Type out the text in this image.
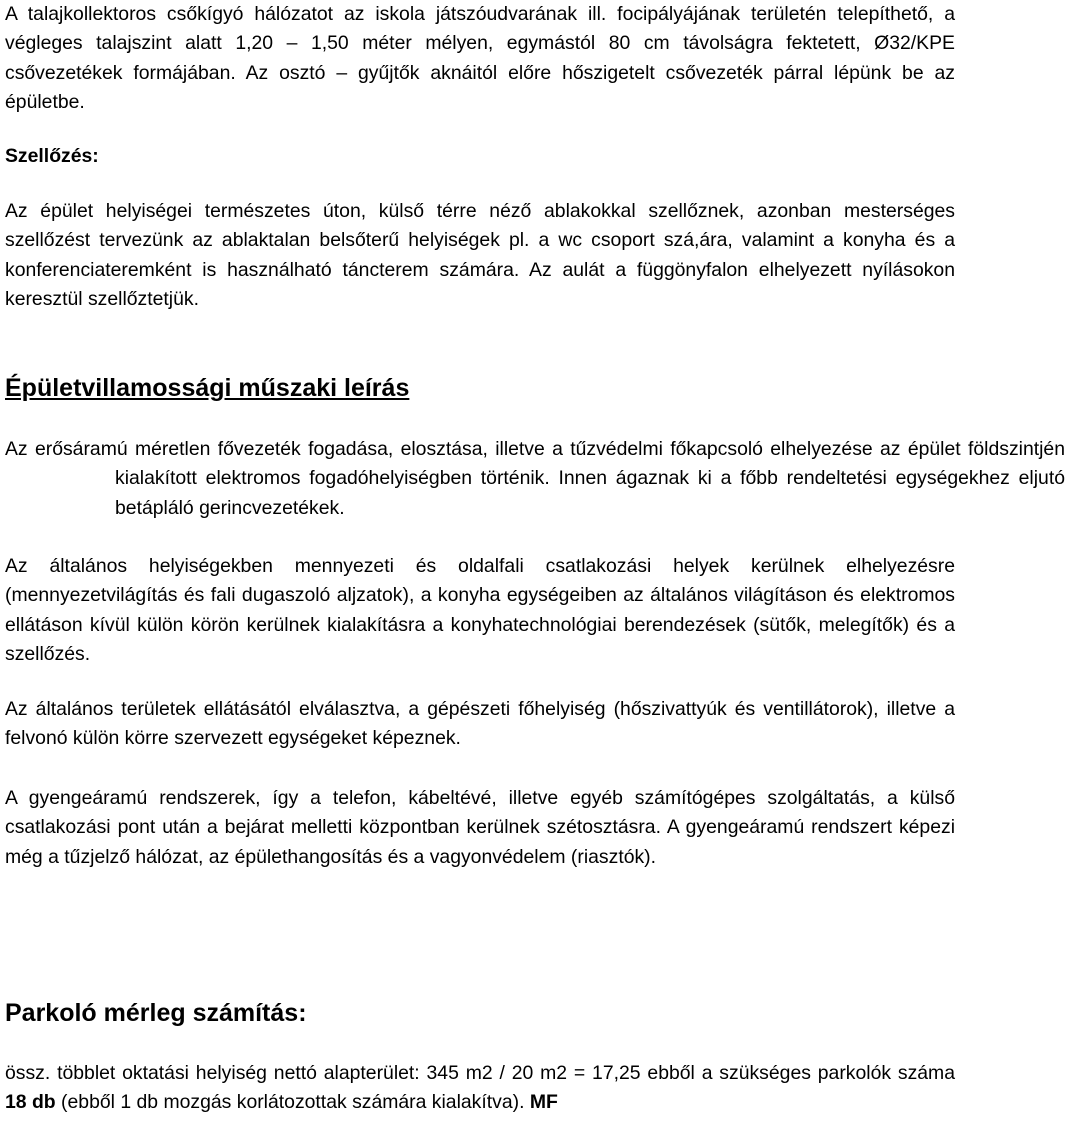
A talajkollektoros csőkígyó hálózatot az iskola játszóudvarának ill. focipályájának területén telepíthető, a végleges talajszint alatt 1,20 – 1,50 méter mélyen, egymástól 80 cm távolságra fektetett, Ø32/KPE csővezetékek formájában. Az osztó – gyűjtők aknáitól előre hőszigetelt csővezeték párral lépünk be az épületbe.

Szellőzés:

Az épület helyiségei természetes úton, külső térre néző ablakokkal szellőznek, azonban mesterséges szellőzést tervezünk az ablaktalan belsőterű helyiségek pl. a wc csoport szá,ára, valamint a konyha és a konferenciateremként is használható táncterem számára. Az aulát a függönyfalon elhelyezett nyílásokon keresztül szellőztetjük.

Épületvillamossági műszaki leírás

Az erősáramú méretlen fővezeték fogadása, elosztása, illetve a tűzvédelmi főkapcsoló elhelyezése az épület földszintjén kialakított elektromos fogadóhelyiségben történik. Innen ágaznak ki a főbb rendeltetési egységekhez eljutó betápláló gerincvezetékek.

Az általános helyiségekben mennyezeti és oldalfali csatlakozási helyek kerülnek elhelyezésre (mennyezetvilágítás és fali dugaszoló aljzatok), a konyha egységeiben az általános világításon és elektromos ellátáson kívül külön körön kerülnek kialakításra a konyhatechnológiai berendezések (sütők, melegítők) és a szellőzés.

Az általános területek ellátásától elválasztva, a gépészeti főhelyiség (hőszivattyúk és ventillátorok), illetve a felvonó külön körre szervezett egységeket képeznek.

A gyengeáramú rendszerek, így a telefon, kábeltévé, illetve egyéb számítógépes szolgáltatás, a külső csatlakozási pont után a bejárat melletti központban kerülnek szétosztásra. A gyengeáramú rendszert képezi még a tűzjelző hálózat, az épülethangosítás és a vagyonvédelem (riasztók).

Parkoló mérleg számítás:

össz. többlet oktatási helyiség nettó alapterület: 345 m2 / 20 m2 = 17,25 ebből a szükséges parkolók száma 18 db (ebből 1 db mozgás korlátozottak számára kialakítva). MF
